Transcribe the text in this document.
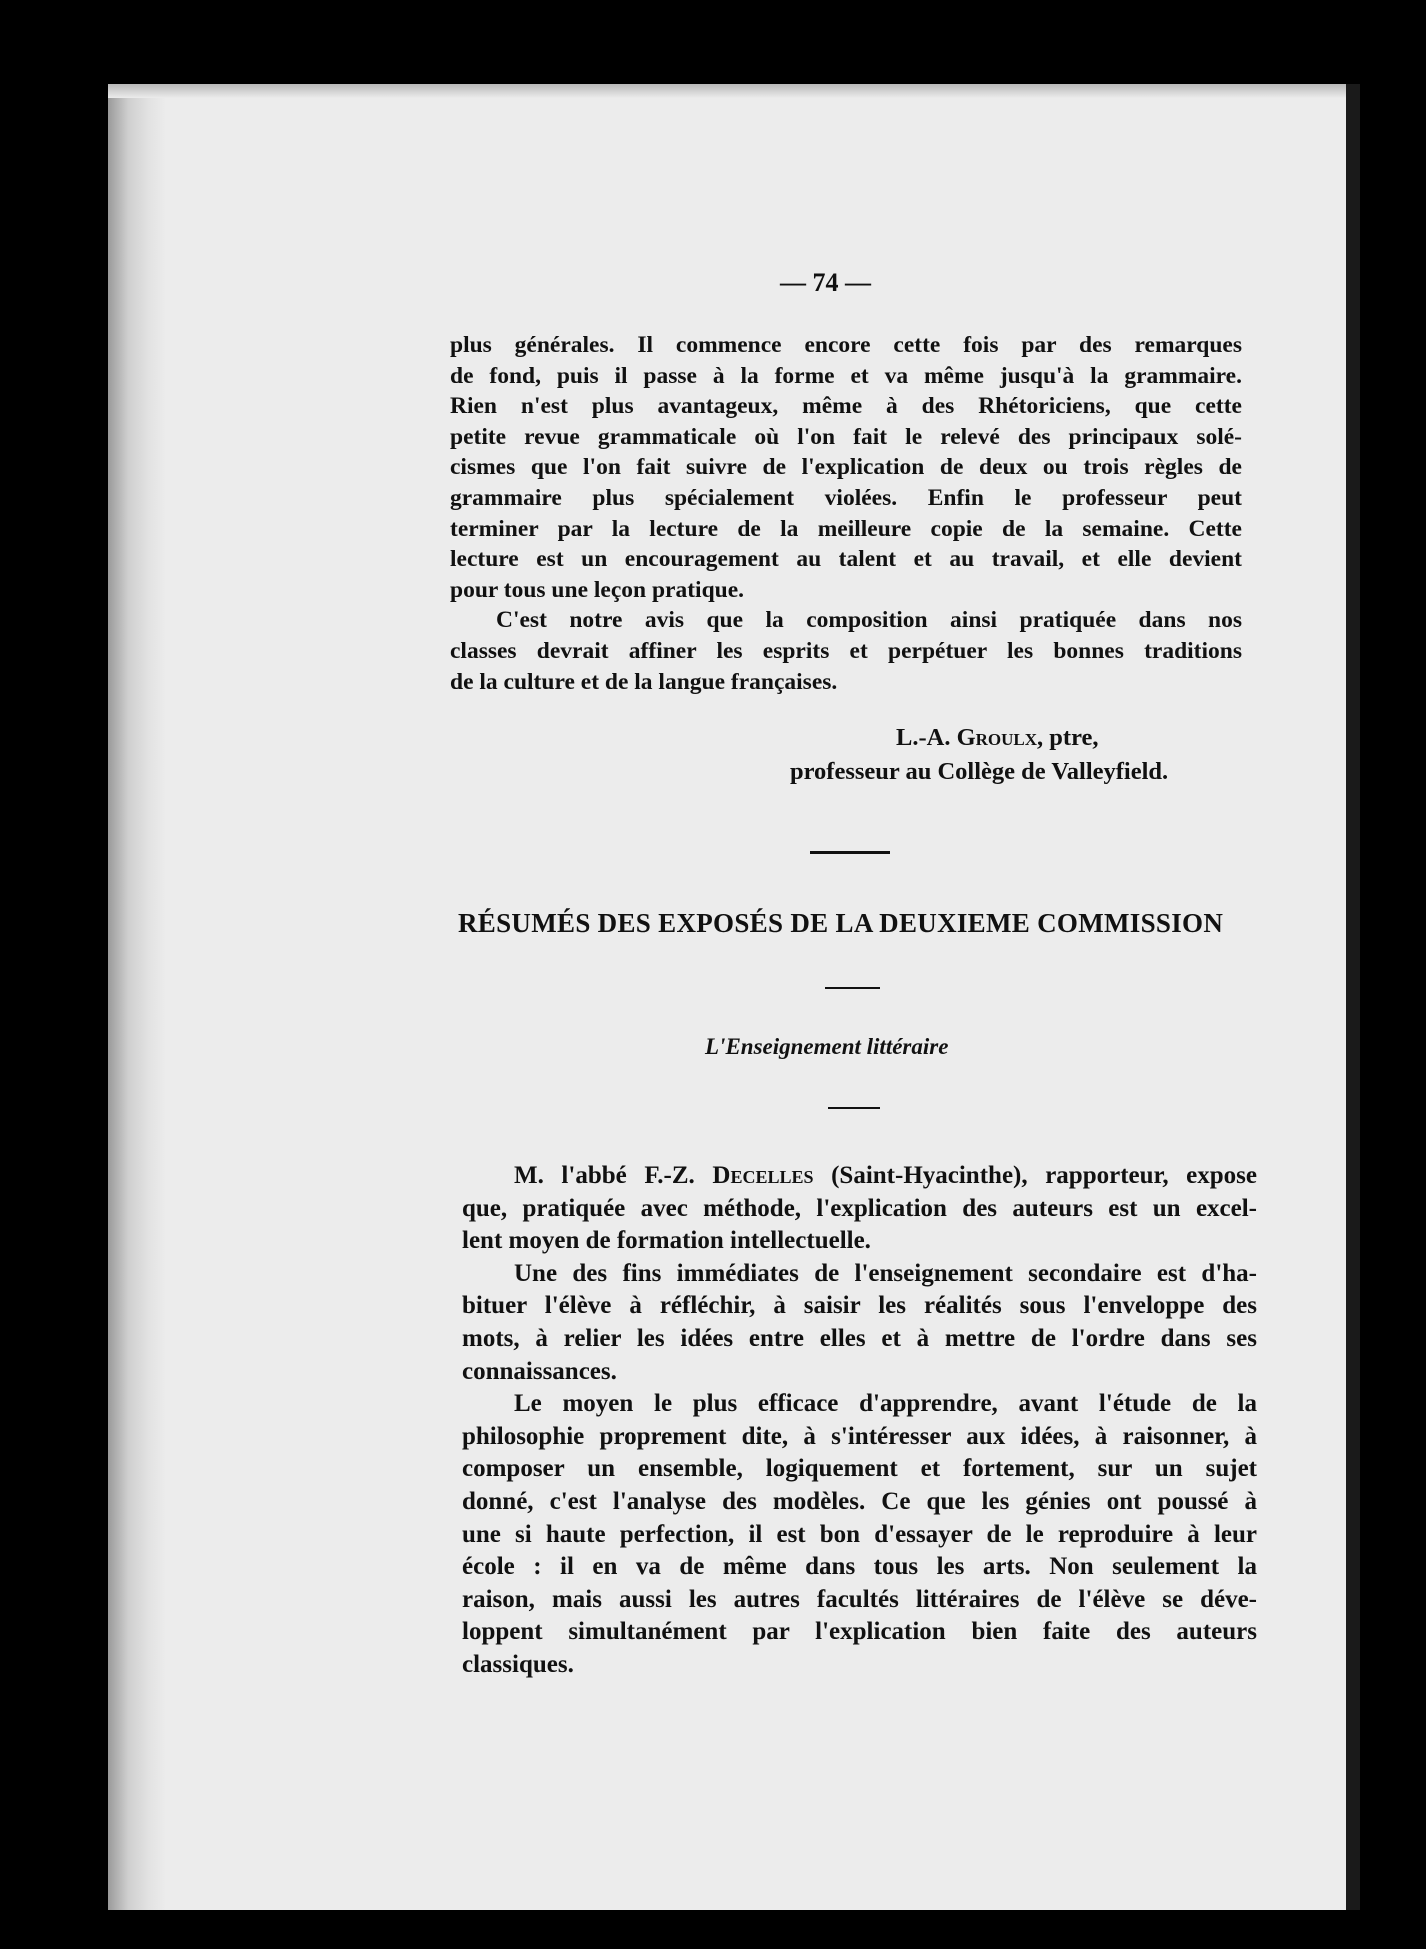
— 74 —
plus générales. Il commence encore cette fois par des remarques
de fond, puis il passe à la forme et va même jusqu'à la grammaire.
Rien n'est plus avantageux, même à des Rhétoriciens, que cette
petite revue grammaticale où l'on fait le relevé des principaux solé-
cismes que l'on fait suivre de l'explication de deux ou trois règles de
grammaire plus spécialement violées. Enfin le professeur peut
terminer par la lecture de la meilleure copie de la semaine. Cette
lecture est un encouragement au talent et au travail, et elle devient
pour tous une leçon pratique.
C'est notre avis que la composition ainsi pratiquée dans nos
classes devrait affiner les esprits et perpétuer les bonnes traditions
de la culture et de la langue françaises.
L.-A. Groulx, ptre,
professeur au Collège de Valleyfield.
RÉSUMÉS DES EXPOSÉS DE LA DEUXIEME COMMISSION
L'Enseignement littéraire
M. l'abbé F.-Z. Decelles (Saint-Hyacinthe), rapporteur, expose
que, pratiquée avec méthode, l'explication des auteurs est un excel-
lent moyen de formation intellectuelle.
Une des fins immédiates de l'enseignement secondaire est d'ha-
bituer l'élève à réfléchir, à saisir les réalités sous l'enveloppe des
mots, à relier les idées entre elles et à mettre de l'ordre dans ses
connaissances.
Le moyen le plus efficace d'apprendre, avant l'étude de la
philosophie proprement dite, à s'intéresser aux idées, à raisonner, à
composer un ensemble, logiquement et fortement, sur un sujet
donné, c'est l'analyse des modèles. Ce que les génies ont poussé à
une si haute perfection, il est bon d'essayer de le reproduire à leur
école : il en va de même dans tous les arts. Non seulement la
raison, mais aussi les autres facultés littéraires de l'élève se déve-
loppent simultanément par l'explication bien faite des auteurs
classiques.
